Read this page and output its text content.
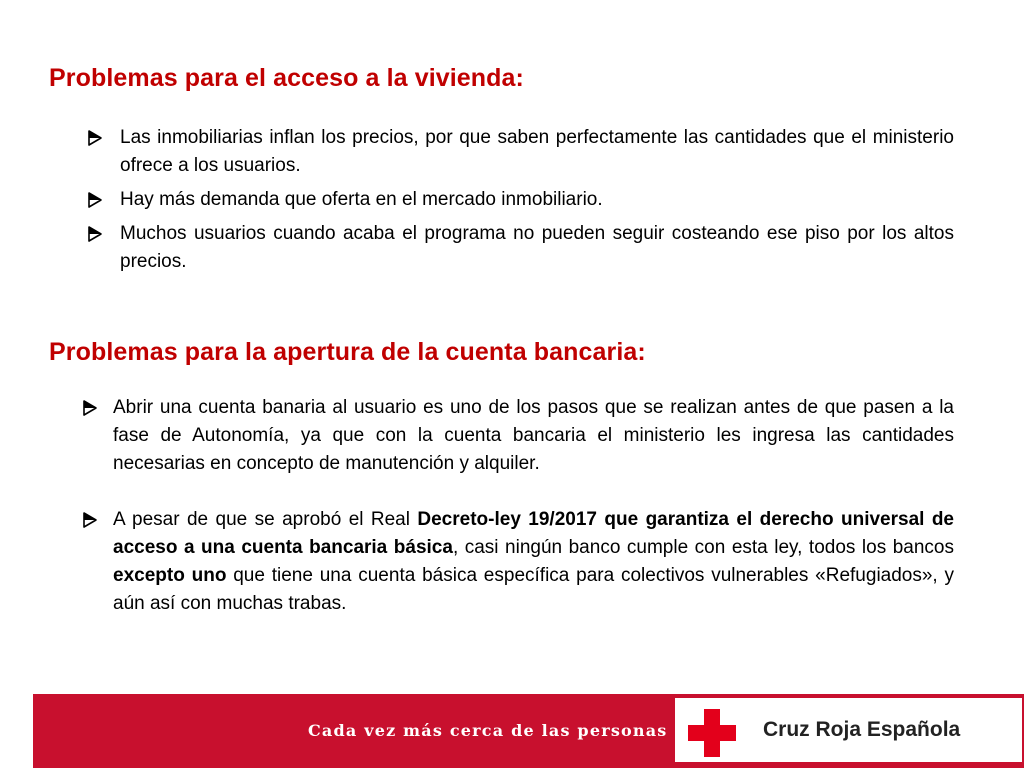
Problemas para el acceso a la vivienda:
Las inmobiliarias inflan los precios, por que saben perfectamente las cantidades que el ministerio ofrece a los usuarios.
Hay más demanda que oferta en el mercado inmobiliario.
Muchos usuarios cuando acaba el programa no pueden seguir costeando ese piso por los altos precios.
Problemas para la apertura de la cuenta bancaria:
Abrir una cuenta banaria al usuario es uno de los pasos que se realizan antes de que pasen a la fase de Autonomía, ya que con la cuenta bancaria el ministerio les ingresa las cantidades necesarias en concepto de manutención y alquiler.
A pesar de que se aprobó el Real Decreto-ley 19/2017 que garantiza el derecho universal de acceso a una cuenta bancaria básica, casi ningún banco cumple con esta ley, todos los bancos excepto uno que tiene una cuenta básica específica para colectivos vulnerables «Refugiados», y aún así con muchas trabas.
Cada vez más cerca de las personas	Cruz Roja Española
